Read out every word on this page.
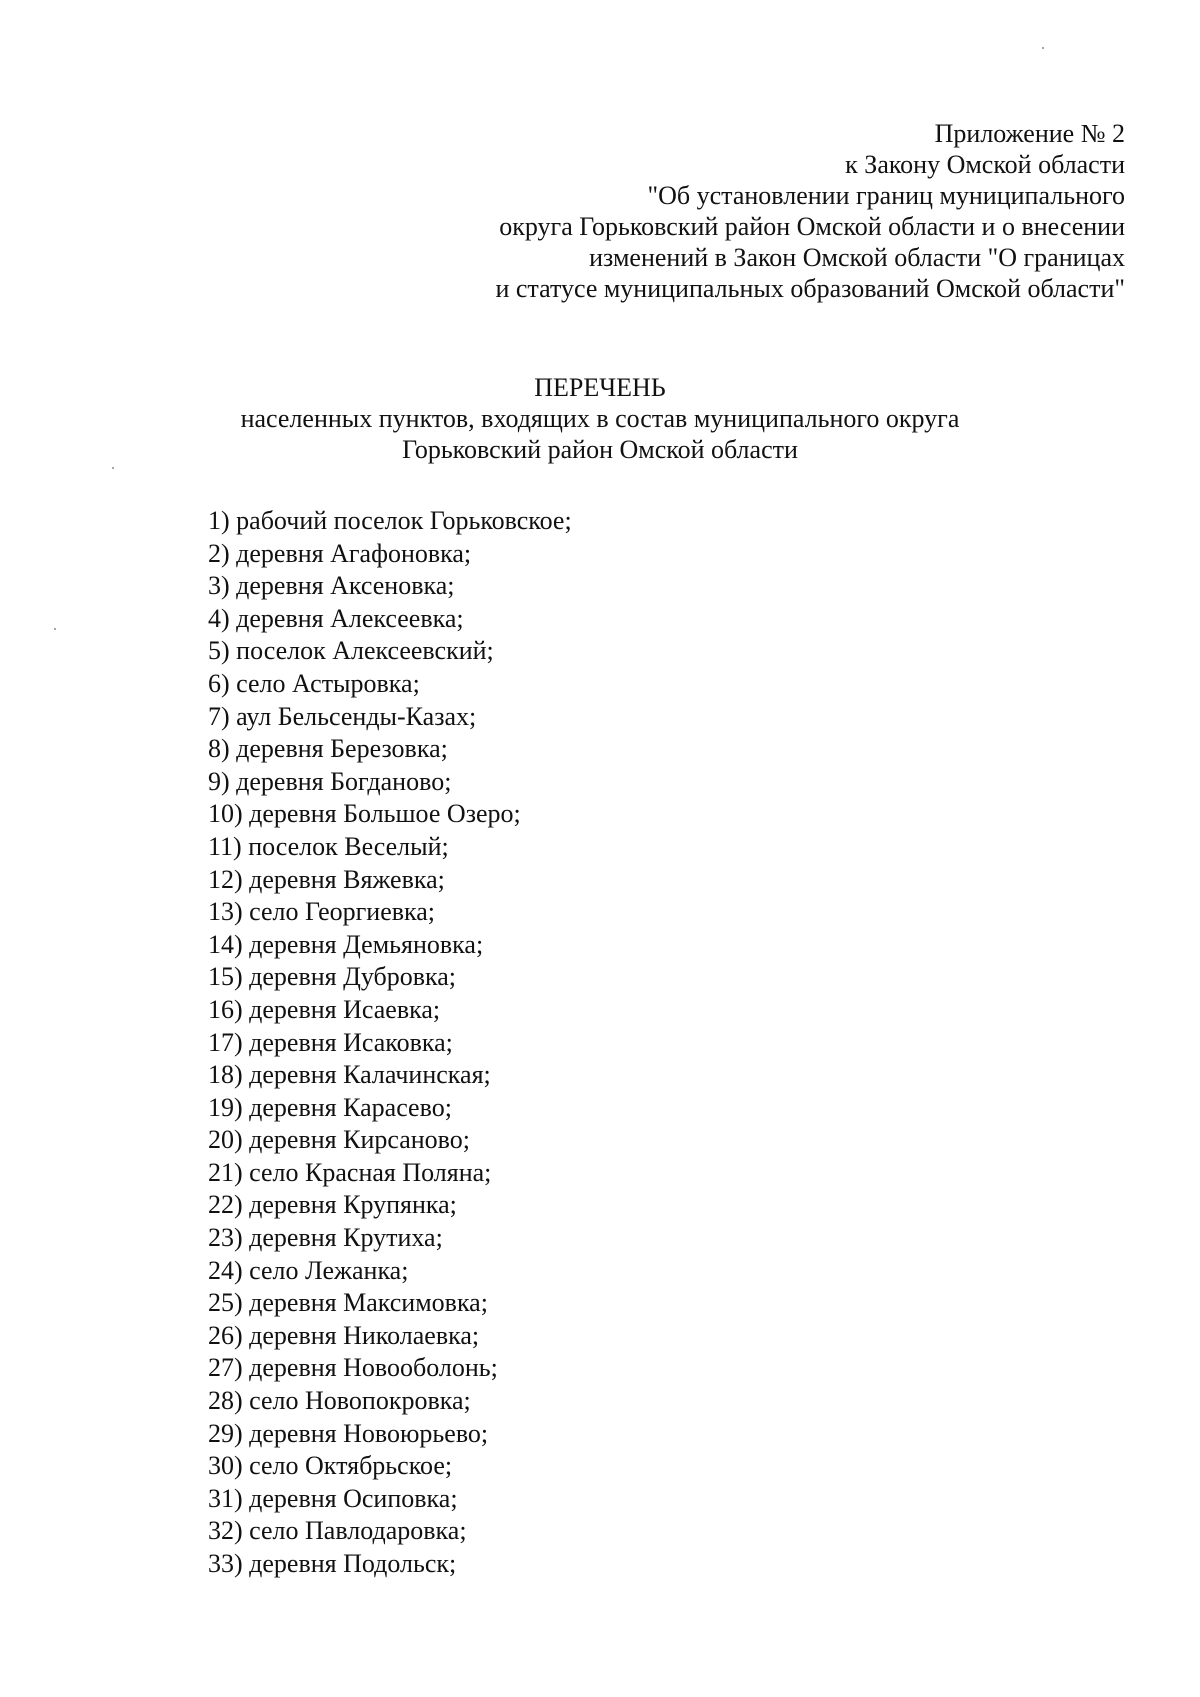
Приложение № 2
к Закону Омской области
"Об установлении границ муниципального
округа Горьковский район Омской области и о внесении
изменений в Закон Омской области "О границах
и статусе муниципальных образований Омской области"
ПЕРЕЧЕНЬ
населенных пунктов, входящих в состав муниципального округа
Горьковский район Омской области
1) рабочий поселок Горьковское;
2) деревня Агафоновка;
3) деревня Аксеновка;
4) деревня Алексеевка;
5) поселок Алексеевский;
6) село Астыровка;
7) аул Бельсенды-Казах;
8) деревня Березовка;
9) деревня Богданово;
10) деревня Большое Озеро;
11) поселок Веселый;
12) деревня Вяжевка;
13) село Георгиевка;
14) деревня Демьяновка;
15) деревня Дубровка;
16) деревня Исаевка;
17) деревня Исаковка;
18) деревня Калачинская;
19) деревня Карасево;
20) деревня Кирсаново;
21) село Красная Поляна;
22) деревня Крупянка;
23) деревня Крутиха;
24) село Лежанка;
25) деревня Максимовка;
26) деревня Николаевка;
27) деревня Новооболонь;
28) село Новопокровка;
29) деревня Новоюрьево;
30) село Октябрьское;
31) деревня Осиповка;
32) село Павлодаровка;
33) деревня Подольск;
